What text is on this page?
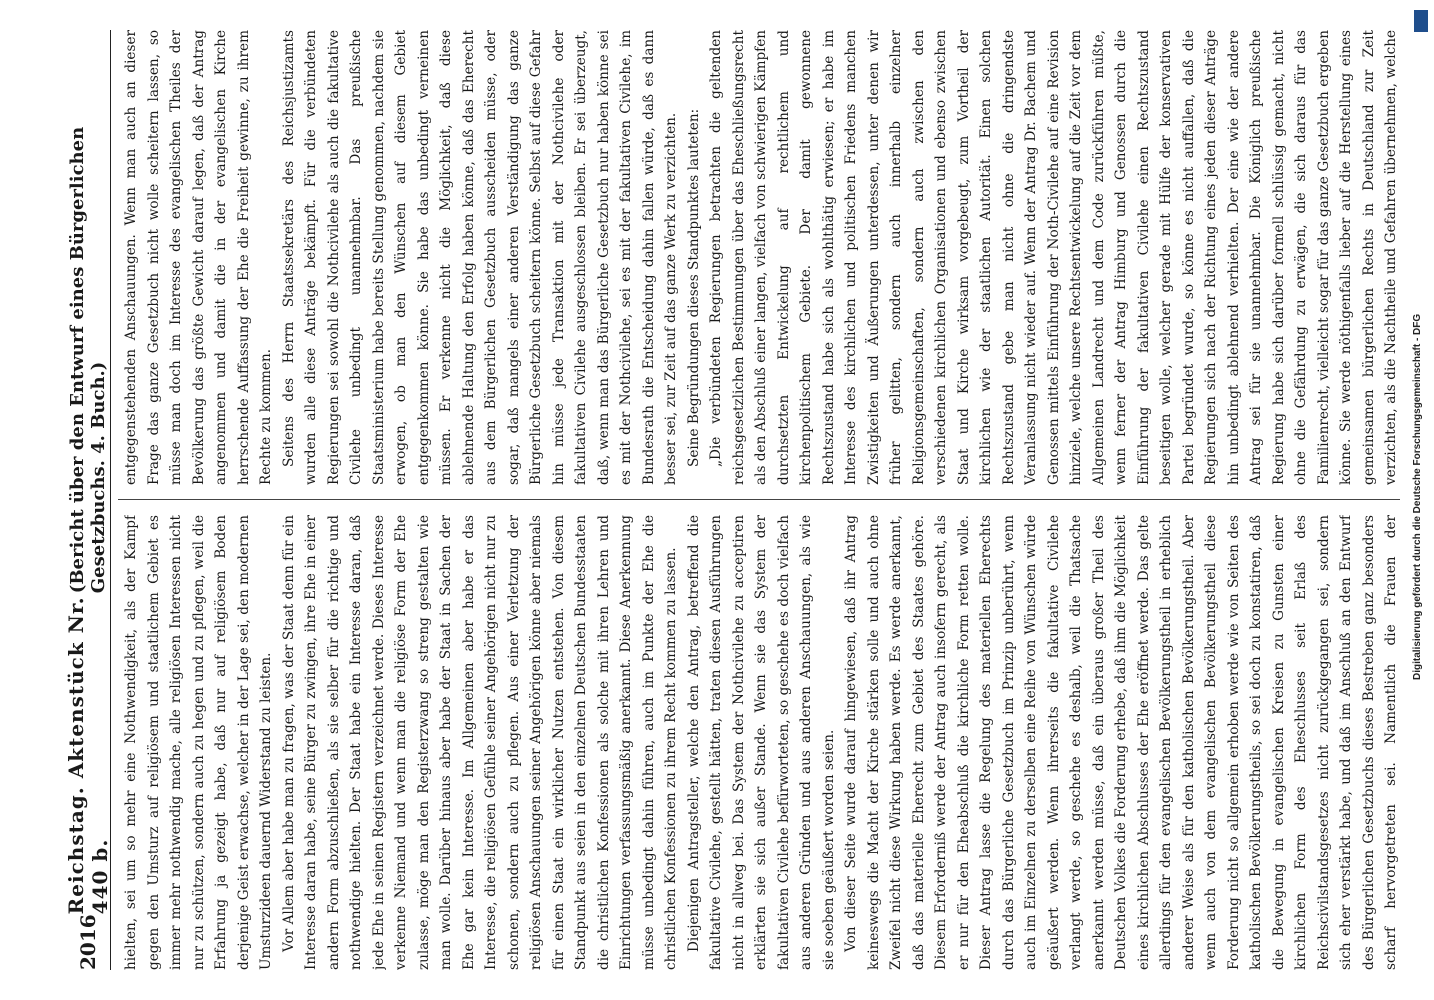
2016
Reichstag. Aktenstück Nr. 440 b.
(Bericht über den Entwurf eines Bürgerlichen Gesetzbuchs. 4. Buch.)

hielten, sei um so mehr eine Nothwendigkeit, als der Kampf gegen den Umsturz auf religiösem und staatlichem Gebiet es immer mehr nothwendig mache, alle religiösen Interessen nicht nur zu schützen, sondern auch zu hegen und zu pflegen, weil die Erfahrung ja gezeigt habe, daß nur auf religiösem Boden derjenige Geist erwachse, welcher in der Lage sei, den modernen Umsturzideen dauernd Widerstand zu leisten. Vor Allem aber habe man zu fragen, was der Staat denn für ein Interesse daran habe, seine Bürger zu zwingen, ihre Ehe in einer andern Form abzuschließen, als sie selber für die richtige und nothwendige hielten. Der Staat habe ein Interesse daran, daß jede Ehe in seinen Registern verzeichnet werde. Dieses Interesse verkenne Niemand und wenn man die religiöse Form der Ehe zulasse, möge man den Registerzwang so streng gestalten wie man wolle. Darüber hinaus aber habe der Staat in Sachen der Ehe gar kein Interesse. Im Allgemeinen aber habe er das Interesse, die religiösen Gefühle seiner Angehörigen nicht nur zu schonen, sondern auch zu pflegen. Aus einer Verletzung der religiösen Anschauungen seiner Angehörigen könne aber niemals für einen Staat ein wirklicher Nutzen entstehen. Von diesem Standpunkt aus seien in den einzelnen Deutschen Bundesstaaten die christlichen Konfessionen als solche mit ihren Lehren und Einrichtungen verfassungsmäßig anerkannt. Diese Anerkennung müsse unbedingt dahin führen, auch im Punkte der Ehe die christlichen Konfessionen zu ihrem Recht kommen zu lassen. Diejenigen Antragsteller, welche den Antrag, betreffend die fakultative Civilehe, gestellt hätten, traten diesen Ausführungen nicht in allweg bei. Das System der Nothcivilehe zu acceptiren erklärten sie sich außer Stande. Wenn sie das System der fakultativen Civilehe befürworteten, so geschehe es doch vielfach aus anderen Gründen und aus anderen Anschauungen, als wie sie soeben geäußert worden seien. Von dieser Seite wurde darauf hingewiesen, daß ihr Antrag keineswegs die Macht der Kirche stärken solle und auch ohne Zweifel nicht diese Wirkung haben werde. Es werde anerkannt, daß das materielle Eherecht zum Gebiet des Staates gehöre. Diesem Erforderniß werde der Antrag auch insofern gerecht, als er nur für den Eheabschluß die kirchliche Form retten wolle. Dieser Antrag lasse die Regelung des materiellen Eherechts durch das Bürgerliche Gesetzbuch im Prinzip unberührt, wenn auch im Einzelnen zu derselben eine Reihe von Wünschen würde geäußert werden. Wenn ihrerseits die fakultative Civilehe verlangt werde, so geschehe es deshalb, weil die Thatsache anerkannt werden müsse, daß ein überaus großer Theil des Deutschen Volkes die Forderung erhebe, daß ihm die Möglichkeit eines kirchlichen Abschlusses der Ehe eröffnet werde. Das gelte allerdings für den evangelischen Bevölkerungstheil in erheblich anderer Weise als für den katholischen Bevölkerungstheil. Aber wenn auch von dem evangelischen Bevölkerungstheil diese Forderung nicht so allgemein erhoben werde wie von Seiten des katholischen Bevölkerungstheils, so sei doch zu konstatiren, daß die Bewegung in evangelischen Kreisen zu Gunsten einer kirchlichen Form des Eheschlusses seit Erlaß des Reichscivilstandsgesetzes nicht zurückgegangen sei, sondern sich eher verstärkt habe, und daß im Anschluß an den Entwurf des Bürgerlichen Gesetzbuchs dieses Bestreben ganz besonders scharf hervorgetreten sei. Namentlich die Frauen der

entgegenstehenden Anschauungen. Wenn man auch an dieser Frage das ganze Gesetzbuch nicht wolle scheitern lassen, so müsse man doch im Interesse des evangelischen Theiles der Bevölkerung das größte Gewicht darauf legen, daß der Antrag angenommen und damit die in der evangelischen Kirche herrschende Auffassung der Ehe die Freiheit gewinne, zu ihrem Rechte zu kommen. Seitens des Herrn Staatssekretärs des Reichsjustizamts wurden alle diese Anträge bekämpft. Für die verbündeten Regierungen sei sowohl die Nothcivilehe als auch die fakultative Civilehe unbedingt unannehmbar. Das preußische Staatsministerium habe bereits Stellung genommen, nachdem sie erwogen, ob man den Wünschen auf diesem Gebiet entgegenkommen könne. Sie habe das unbedingt verneinen müssen. Er verkenne nicht die Möglichkeit, daß diese ablehnende Haltung den Erfolg haben könne, daß das Eherecht aus dem Bürgerlichen Gesetzbuch ausscheiden müsse, oder sogar, daß mangels einer anderen Verständigung das ganze Bürgerliche Gesetzbuch scheitern könne. Selbst auf diese Gefahr hin müsse jede Transaktion mit der Nothcivilehe oder fakultativen Civilehe ausgeschlossen bleiben. Er sei überzeugt, daß, wenn man das Bürgerliche Gesetzbuch nur haben könne sei es mit der Nothcivilehe, sei es mit der fakultativen Civilehe, im Bundesrath die Entscheidung dahin fallen würde, daß es dann besser sei, zur Zeit auf das ganze Werk zu verzichten. Seine Begründungen dieses Standpunktes lauteten: „Die verbündeten Regierungen betrachten die geltenden reichsgesetzlichen Bestimmungen über das Eheschließungsrecht als den Abschluß einer langen, vielfach von schwierigen Kämpfen durchsetzten Entwickelung auf rechtlichem und kirchenpolitischem Gebiete. Der damit gewonnene Rechtszustand habe sich als wohlthätig erwiesen; er habe im Interesse des kirchlichen und politischen Friedens manchen Zwistigkeiten und Äußerungen unterdessen, unter denen wir früher gelitten, sondern auch innerhalb einzelner Religionsgemeinschaften, sondern auch zwischen den verschiedenen kirchlichen Organisationen und ebenso zwischen Staat und Kirche wirksam vorgebeugt, zum Vortheil der kirchlichen wie der staatlichen Autorität. Einen solchen Rechtszustand gebe man nicht ohne die dringendste Veranlassung nicht wieder auf. Wenn der Antrag Dr. Bachem und Genossen mittels Einführung der Noth-Civilehe auf eine Revision hinziele, welche unsere Rechtsentwickelung auf die Zeit vor dem Allgemeinen Landrecht und dem Code zurückführen müßte, wenn ferner der Antrag Himburg und Genossen durch die Einführung der fakultativen Civilehe einen Rechtszustand beseitigen wolle, welcher gerade mit Hülfe der konservativen Partei begründet wurde, so könne es nicht auffallen, daß die Regierungen sich nach der Richtung eines jeden dieser Anträge hin unbedingt ablehnend verhielten. Der eine wie der andere Antrag sei für sie unannehmbar. Die Königlich preußische Regierung habe sich darüber formell schlüssig gemacht, nicht ohne die Gefährdung zu erwägen, die sich daraus für das Familienrecht, vielleicht sogar für das ganze Gesetzbuch ergeben könne. Sie werde nöthigenfalls lieber auf die Herstellung eines gemeinsamen bürgerlichen Rechts in Deutschland zur Zeit verzichten, als die Nachtheile und Gefahren übernehmen, welche

Digitalisierung gefördert durch die Deutsche Forschungsgemeinschaft - DFG
